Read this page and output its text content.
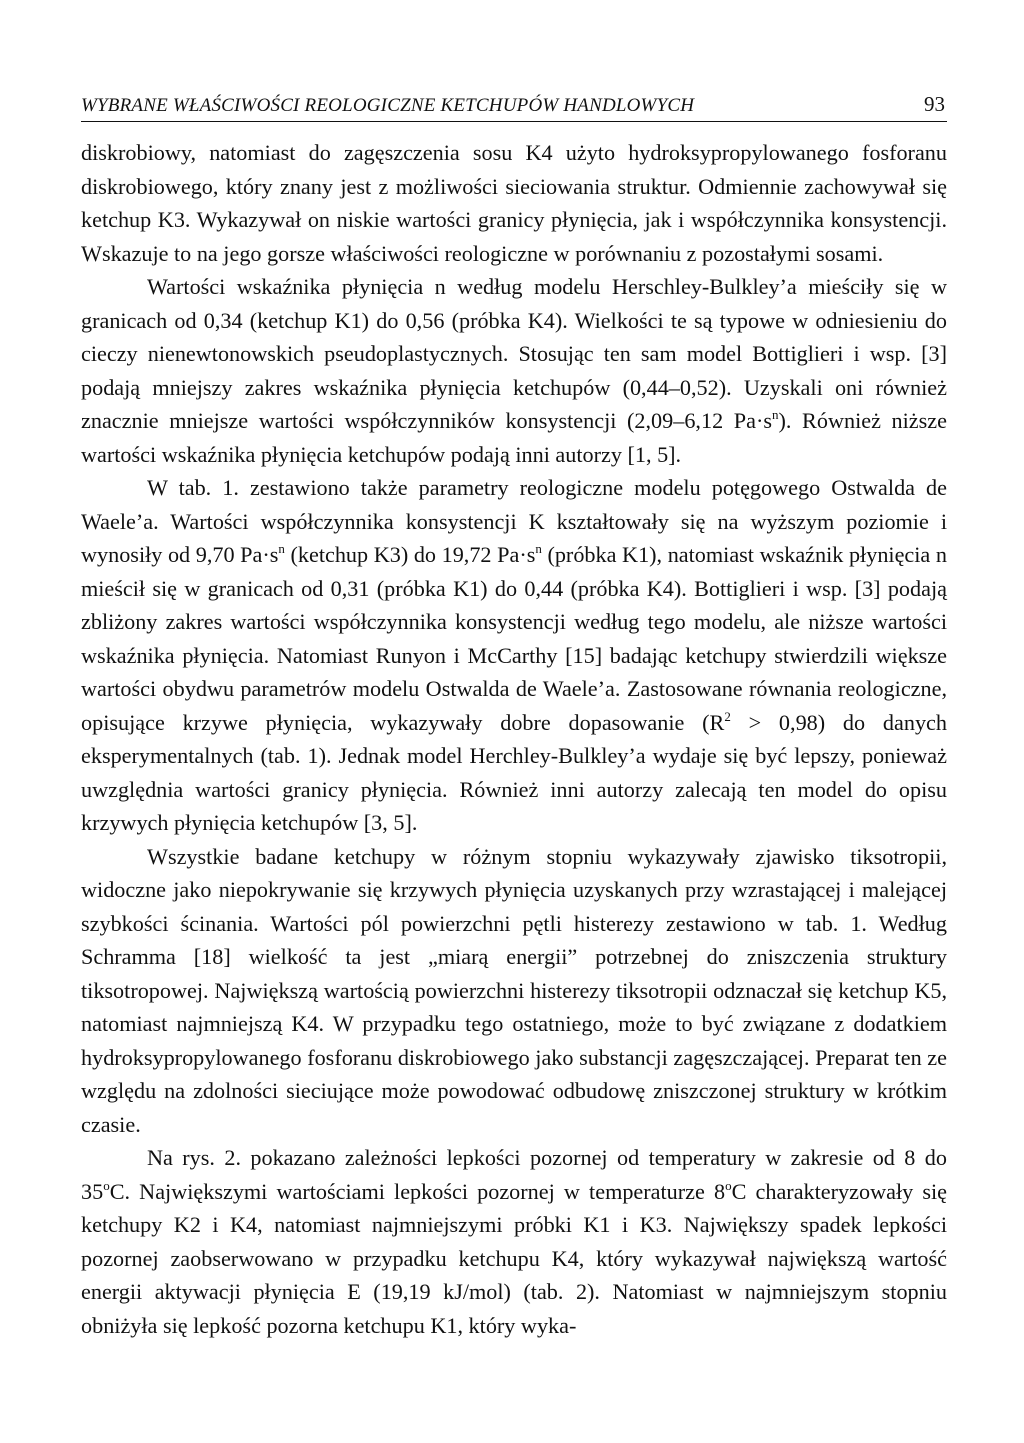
WYBRANE WŁAŚCIWOŚCI REOLOGICZNE KETCHUPÓW HANDLOWYCH	93

diskrobiowy, natomiast do zagęszczenia sosu K4 użyto hydroksypropylowanego fosforanu diskrobiowego, który znany jest z możliwości sieciowania struktur. Odmiennie zachowywał się ketchup K3. Wykazywał on niskie wartości granicy płynięcia, jak i współczynnika konsystencji. Wskazuje to na jego gorsze właściwości reologiczne w porównaniu z pozostałymi sosami.

Wartości wskaźnika płynięcia n według modelu Herschley-Bulkley’a mieściły się w granicach od 0,34 (ketchup K1) do 0,56 (próbka K4). Wielkości te są typowe w odniesieniu do cieczy nienewtonowskich pseudoplastycznych. Stosując ten sam model Bottiglieri i wsp. [3] podają mniejszy zakres wskaźnika płynięcia ketchupów (0,44–0,52). Uzyskali oni również znacznie mniejsze wartości współczynników konsystencji (2,09–6,12 $Pa\cdot s^n$). Również niższe wartości wskaźnika płynięcia ketchupów podają inni autorzy [1, 5].

W tab. 1. zestawiono także parametry reologiczne modelu potęgowego Ostwalda de Waele’a. Wartości współczynnika konsystencji K kształtowały się na wyższym poziomie i wynosiły od 9,70 $Pa\cdot s^n$ (ketchup K3) do 19,72 $Pa\cdot s^n$ (próbka K1), natomiast wskaźnik płynięcia n mieścił się w granicach od 0,31 (próbka K1) do 0,44 (próbka K4). Bottiglieri i wsp. [3] podają zbliżony zakres wartości współczynnika konsystencji według tego modelu, ale niższe wartości wskaźnika płynięcia. Natomiast Runyon i McCarthy [15] badając ketchupy stwierdzili większe wartości obydwu parametrów modelu Ostwalda de Waele’a. Zastosowane równania reologiczne, opisujące krzywe płynięcia, wykazywały dobre dopasowanie $(R^2 > 0,98)$ do danych eksperymentalnych (tab. 1). Jednak model Herchley-Bulkley’a wydaje się być lepszy, ponieważ uwzględnia wartości granicy płynięcia. Również inni autorzy zalecają ten model do opisu krzywych płynięcia ketchupów [3, 5].

Wszystkie badane ketchupy w różnym stopniu wykazywały zjawisko tiksotropii, widoczne jako niepokrywanie się krzywych płynięcia uzyskanych przy wzrastającej i malejącej szybkości ścinania. Wartości pól powierzchni pętli histerezy zestawiono w tab. 1. Według Schramma [18] wielkość ta jest „miarą energii” potrzebnej do zniszczenia struktury tiksotropowej. Największą wartością powierzchni histerezy tiksotropii odznaczał się ketchup K5, natomiast najmniejszą K4. W przypadku tego ostatniego, może to być związane z dodatkiem hydroksypropylowanego fosforanu diskrobiowego jako substancji zagęszczającej. Preparat ten ze względu na zdolności sieciujące może powodować odbudowę zniszczonej struktury w krótkim czasie.

Na rys. 2. pokazano zależności lepkości pozornej od temperatury w zakresie od 8 do 35$^o$C. Największymi wartościami lepkości pozornej w temperaturze 8$^o$C charakteryzowały się ketchupy K2 i K4, natomiast najmniejszymi próbki K1 i K3. Największy spadek lepkości pozornej zaobserwowano w przypadku ketchupu K4, który wykazywał największą wartość energii aktywacji płynięcia E (19,19 kJ/mol) (tab. 2). Natomiast w najmniejszym stopniu obniżyła się lepkość pozorna ketchupu K1, który wyka-
